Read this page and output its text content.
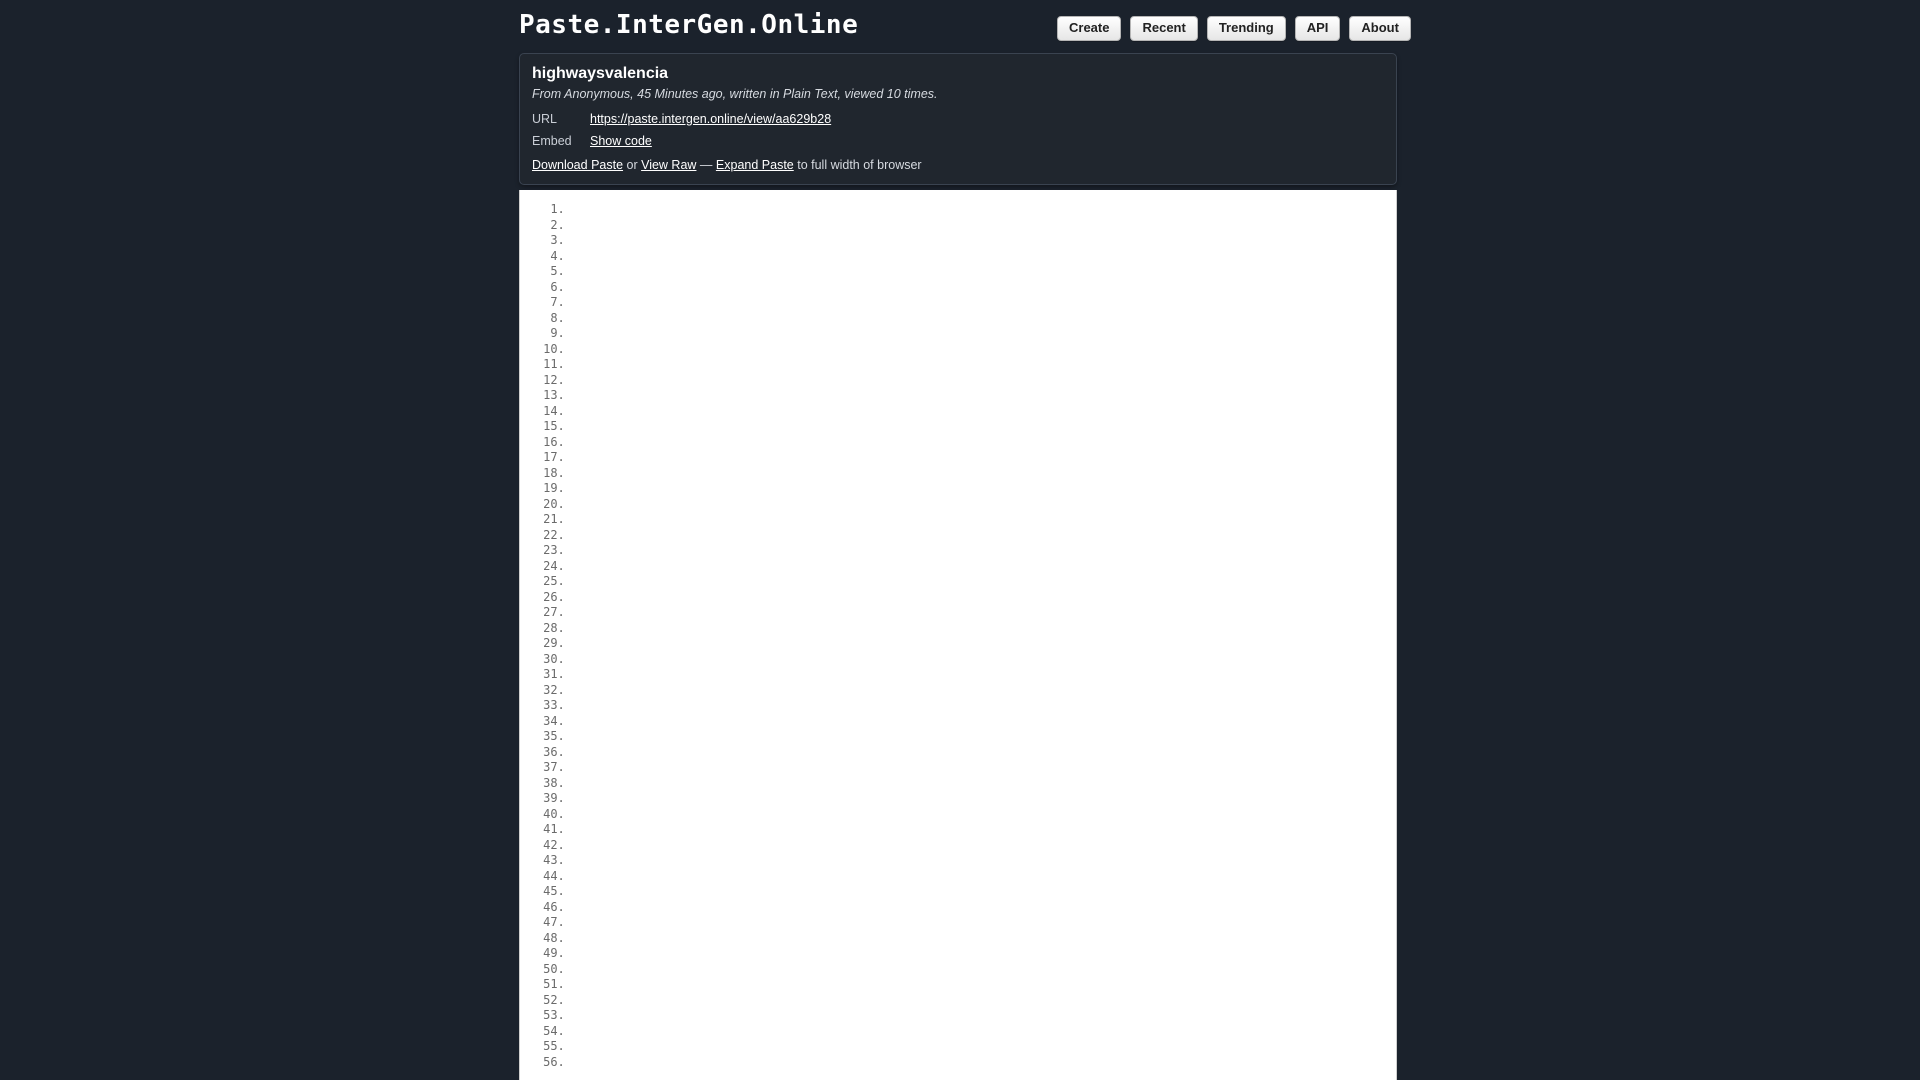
Paste.InterGen.Online	Create	Recent	Trending	API	About
highwaysvalencia
From Anonymous, 45 Minutes ago, written in Plain Text, viewed 10 times.
URL	https://paste.intergen.online/view/aa629b28
Embed	Show code
Download Paste or View Raw — Expand Paste to full width of browser
1.
2.
3.
4.
5.
6.
7.
8.
9.
10.
11.
12.
13.
14.
15.
16.
17.
18.
19.
20.
21.
22.
23.
24.
25.
26.
27.
28.
29.
30.
31.
32.
33.
34.
35.
36.
37.
38.
39.
40.
41.
42.
43.
44.
45.
46.
47.
48.
49.
50.
51.
52.
53.
54.
55.
56.
